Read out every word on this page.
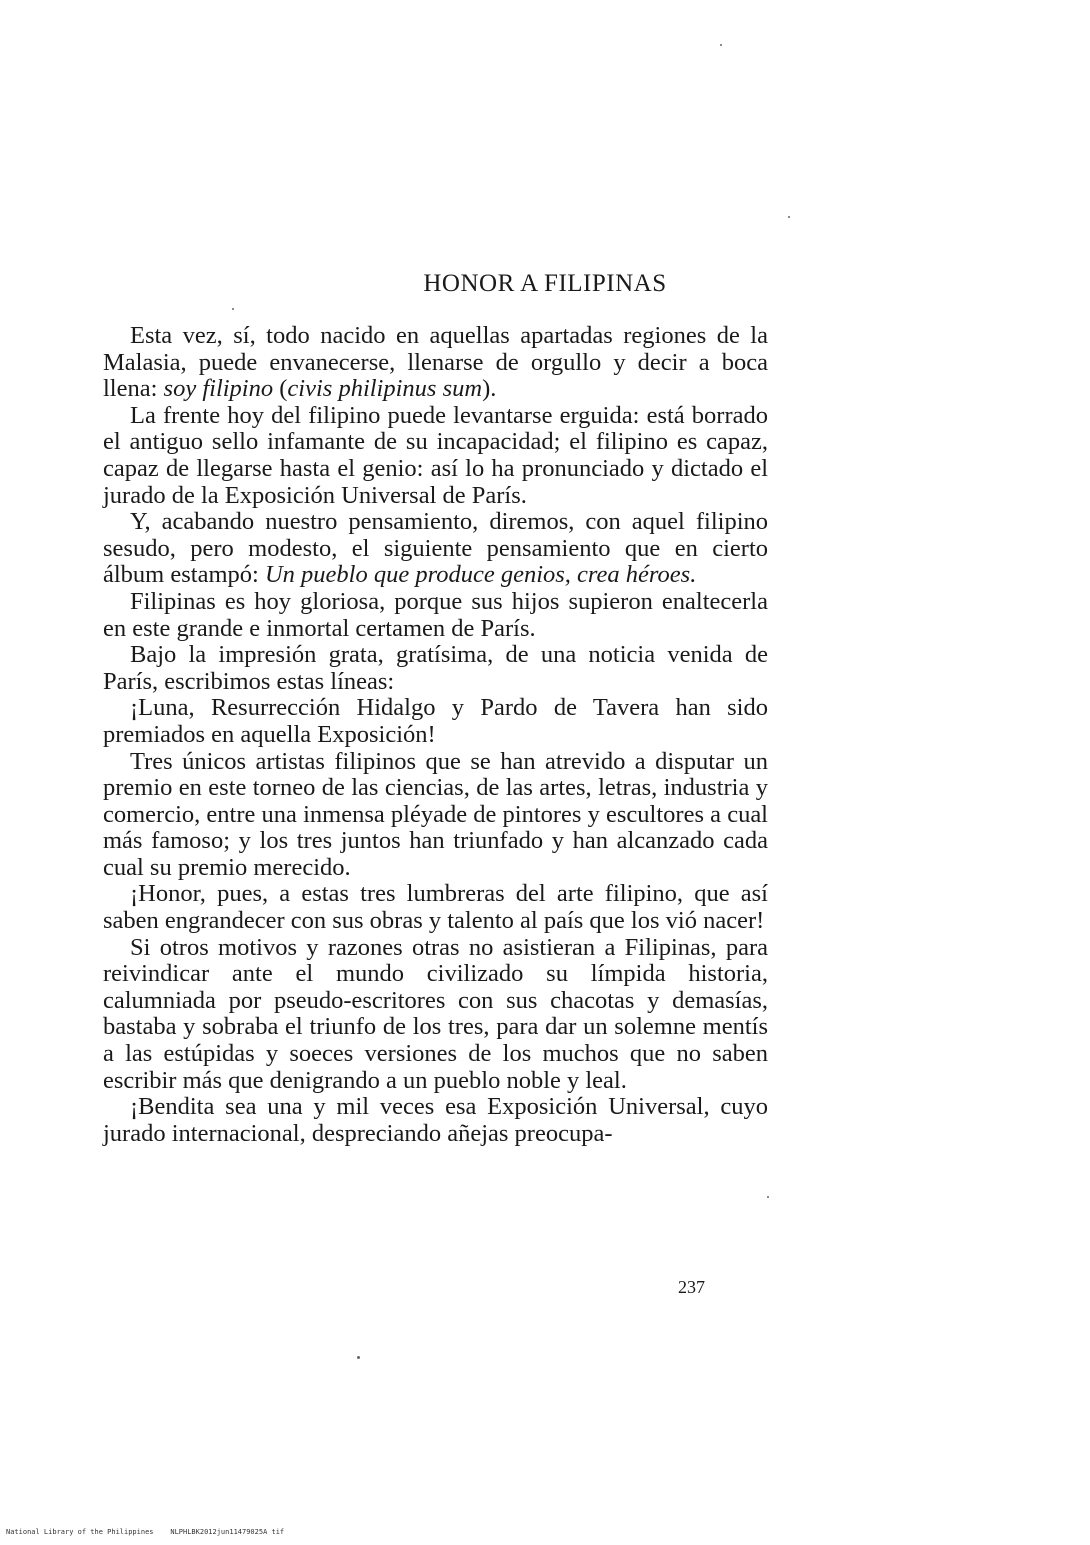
HONOR A FILIPINAS

Esta vez, sí, todo nacido en aquellas apartadas regiones de la Malasia, puede envanecerse, llenarse de orgullo y decir a boca llena: soy filipino (civis philipinus sum).

La frente hoy del filipino puede levantarse erguida: está borrado el antiguo sello infamante de su incapacidad; el filipino es capaz, capaz de llegarse hasta el genio: así lo ha pronunciado y dictado el jurado de la Exposición Universal de París.

Y, acabando nuestro pensamiento, diremos, con aquel filipino sesudo, pero modesto, el siguiente pensamiento que en cierto álbum estampó: Un pueblo que produce genios, crea héroes.

Filipinas es hoy gloriosa, porque sus hijos supieron enaltecerla en este grande e inmortal certamen de París.

Bajo la impresión grata, gratísima, de una noticia venida de París, escribimos estas líneas:

¡Luna, Resurrección Hidalgo y Pardo de Tavera han sido premiados en aquella Exposición!

Tres únicos artistas filipinos que se han atrevido a disputar un premio en este torneo de las ciencias, de las artes, letras, industria y comercio, entre una inmensa pléyade de pintores y escultores a cual más famoso; y los tres juntos han triunfado y han alcanzado cada cual su premio merecido.

¡Honor, pues, a estas tres lumbreras del arte filipino, que así saben engrandecer con sus obras y talento al país que los vió nacer!

Si otros motivos y razones otras no asistieran a Filipinas, para reivindicar ante el mundo civilizado su límpida historia, calumniada por pseudo-escritores con sus chacotas y demasías, bastaba y sobraba el triunfo de los tres, para dar un solemne mentís a las estúpidas y soeces versiones de los muchos que no saben escribir más que denigrando a un pueblo noble y leal.

¡Bendita sea una y mil veces esa Exposición Universal, cuyo jurado internacional, despreciando añejas preocupa-

237
National Library of the Philippines    NLPHLBK2012jun11479025A tif
